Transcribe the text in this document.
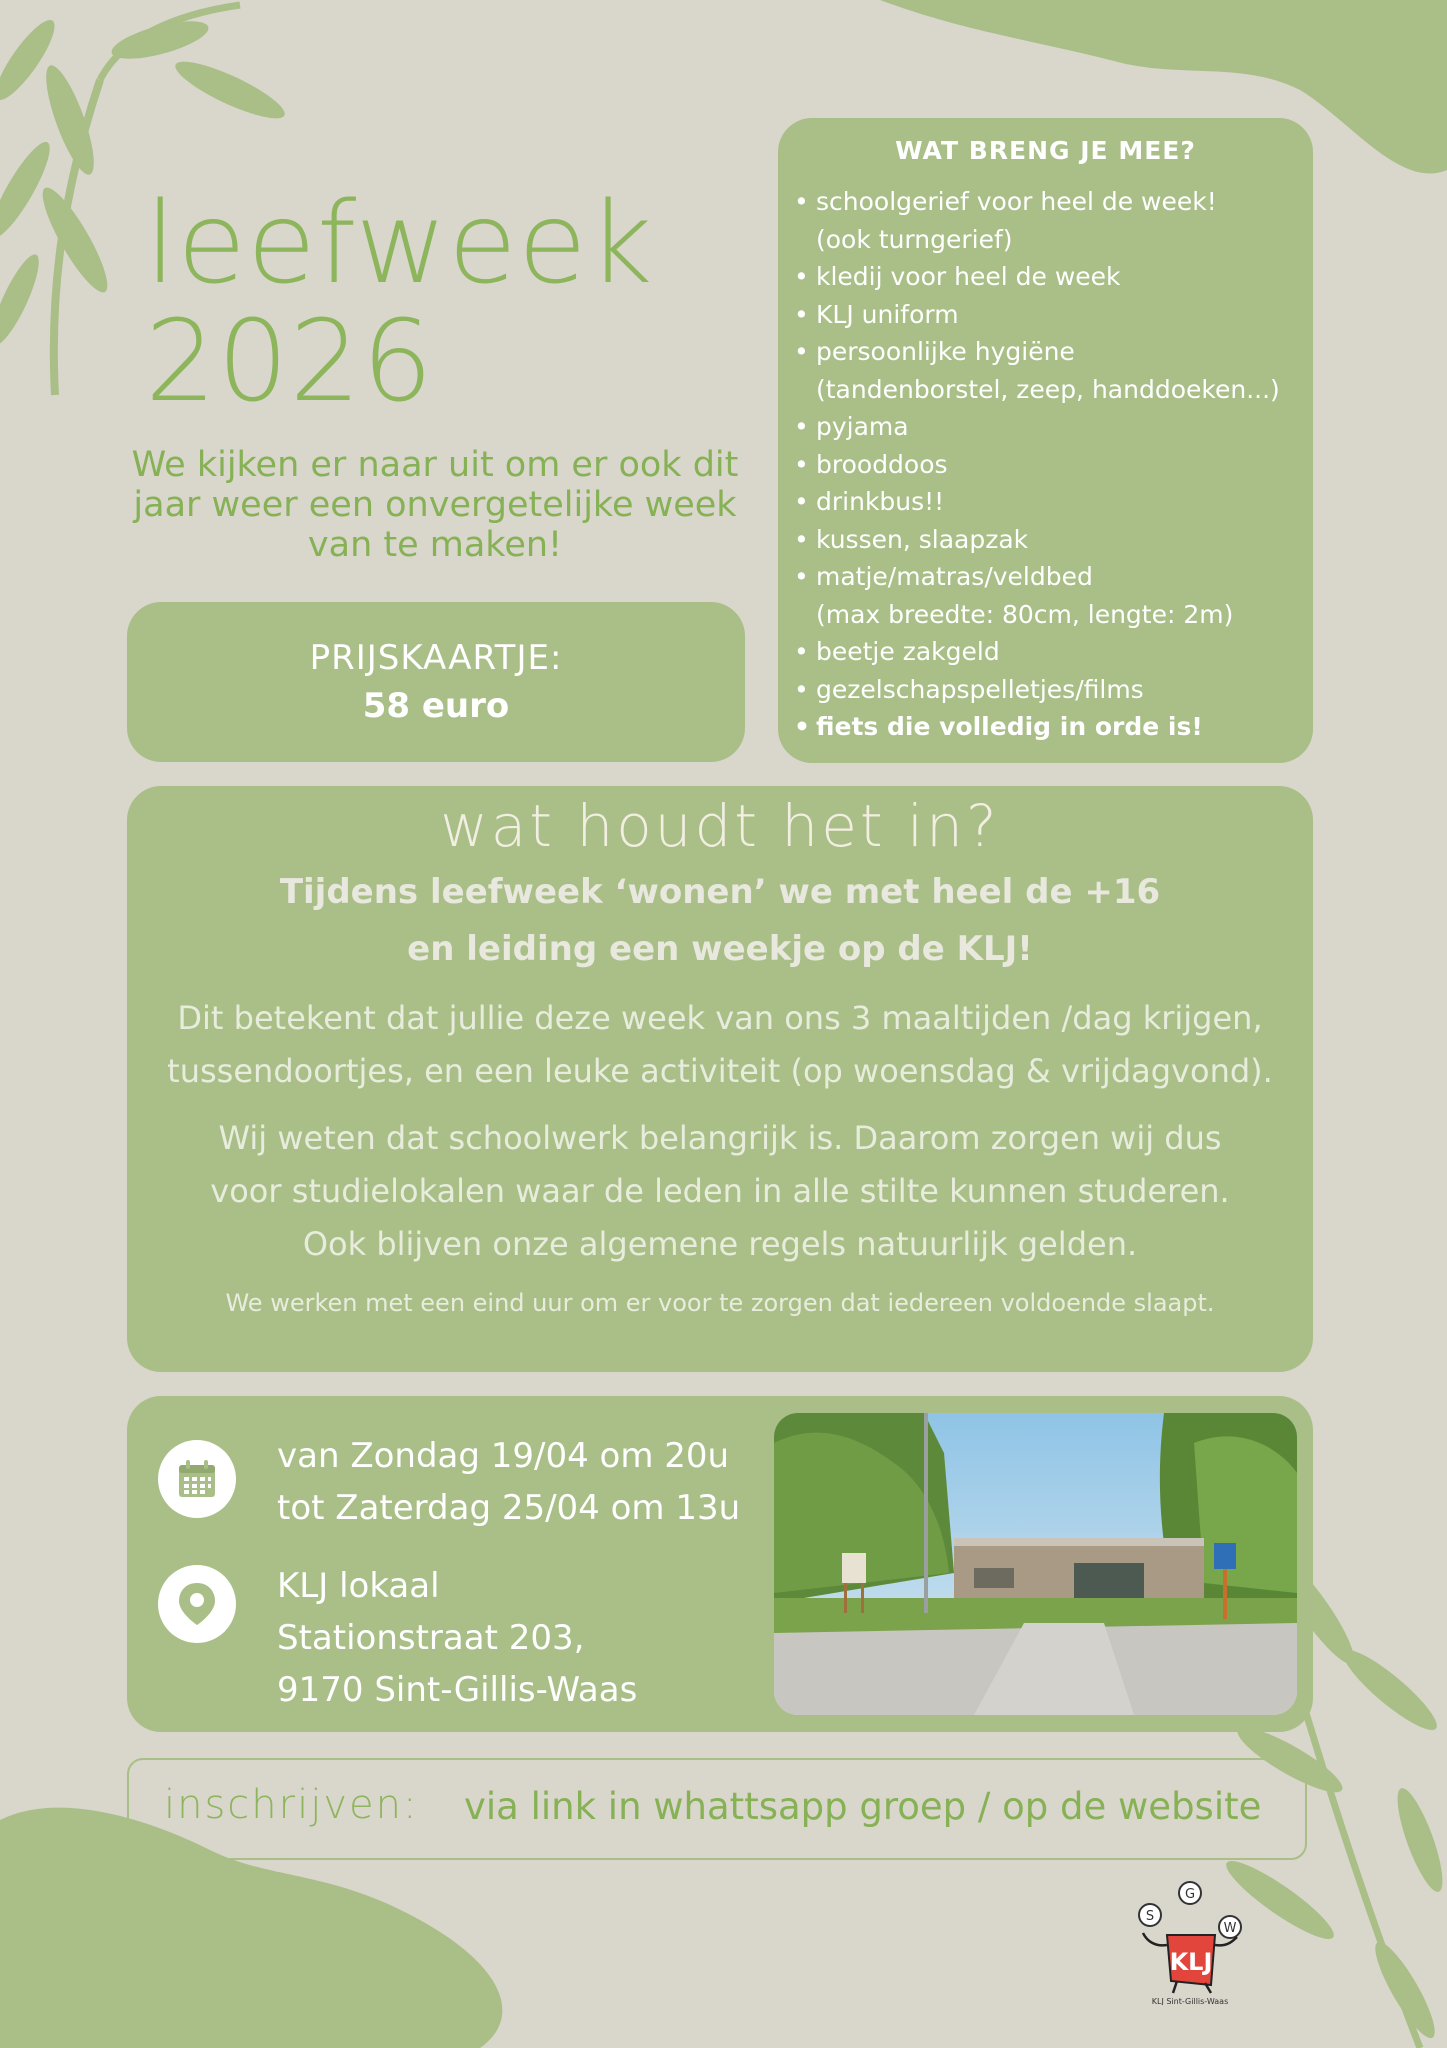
leefweek
2026
We kijken er naar uit om er ook dit jaar weer een onvergetelijke week van te maken!
PRIJSKAARTJE:
58 euro
WAT BRENG JE MEE?
• schoolgerief voor heel de week!
(ook turngerief)
• kledij voor heel de week
• KLJ uniform
• persoonlijke hygiëne
(tandenborstel, zeep, handdoeken...)
• pyjama
• brooddoos
• drinkbus!!
• kussen, slaapzak
• matje/matras/veldbed
(max breedte: 80cm, lengte: 2m)
• beetje zakgeld
• gezelschapspelletjes/films
• fiets die volledig in orde is!
wat houdt het in?

Tijdens leefweek ‘wonen’ we met heel de +16
en leiding een weekje op de KLJ!

Dit betekent dat jullie deze week van ons 3 maaltijden /dag krijgen,
tussendoortjes, en een leuke activiteit (op woensdag & vrijdagvond).

Wij weten dat schoolwerk belangrijk is. Daarom zorgen wij dus
voor studielokalen waar de leden in alle stilte kunnen studeren.
Ook blijven onze algemene regels natuurlijk gelden.

We werken met een eind uur om er voor te zorgen dat iedereen voldoende slaapt.

van Zondag 19/04 om 20u
tot Zaterdag 25/04 om 13u
KLJ lokaal
Stationstraat 203,
9170 Sint-Gillis-Waas
inschrijven: via link in whattsapp groep / op de website
S
G
W
KLJ
KLJ Sint-Gillis-Waas
